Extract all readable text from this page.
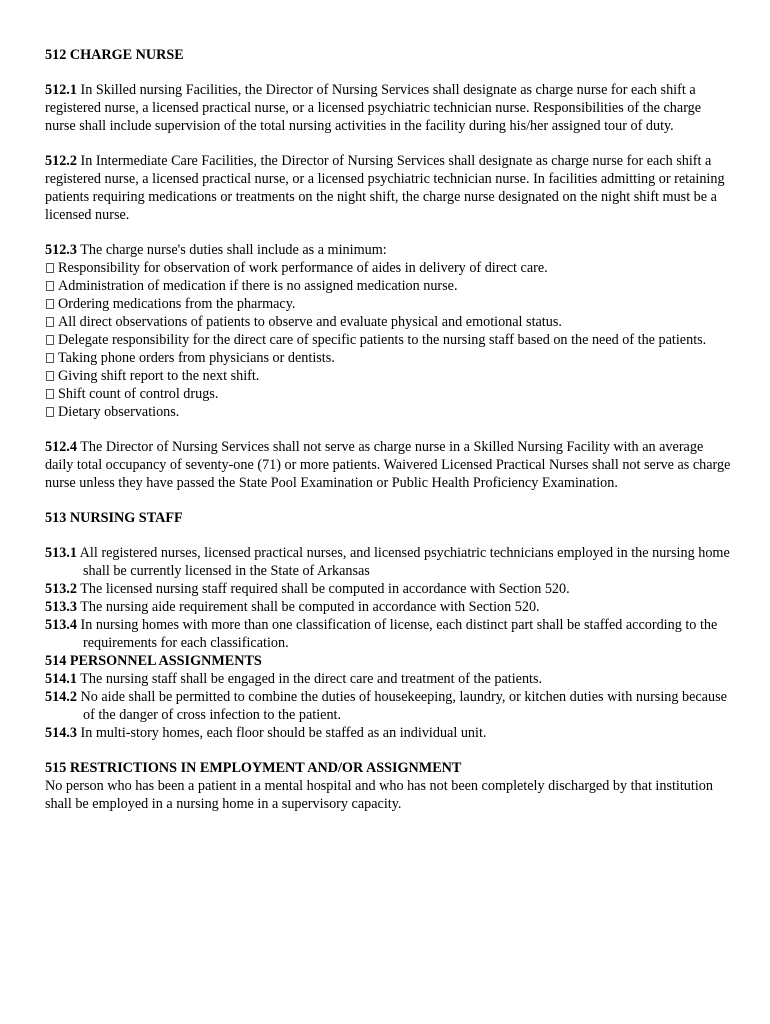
512 CHARGE NURSE

512.1 In Skilled nursing Facilities, the Director of Nursing Services shall designate as charge nurse for each shift a registered nurse, a licensed practical nurse, or a licensed psychiatric technician nurse. Responsibilities of the charge nurse shall include supervision of the total nursing activities in the facility during his/her assigned tour of duty.

512.2 In Intermediate Care Facilities, the Director of Nursing Services shall designate as charge nurse for each shift a registered nurse, a licensed practical nurse, or a licensed psychiatric technician nurse. In facilities admitting or retaining patients requiring medications or treatments on the night shift, the charge nurse designated on the night shift must be a licensed nurse.

512.3 The charge nurse's duties shall include as a minimum:

Responsibility for observation of work performance of aides in delivery of direct care.
Administration of medication if there is no assigned medication nurse.
Ordering medications from the pharmacy.
All direct observations of patients to observe and evaluate physical and emotional status.
Delegate responsibility for the direct care of specific patients to the nursing staff based on the need of the patients.
Taking phone orders from physicians or dentists.
Giving shift report to the next shift.
Shift count of control drugs.
Dietary observations.

512.4 The Director of Nursing Services shall not serve as charge nurse in a Skilled Nursing Facility with an average daily total occupancy of seventy-one (71) or more patients. Waivered Licensed Practical Nurses shall not serve as charge nurse unless they have passed the State Pool Examination or Public Health Proficiency Examination.

513 NURSING STAFF

513.1 All registered nurses, licensed practical nurses, and licensed psychiatric technicians employed in the nursing home shall be currently licensed in the State of Arkansas

513.2 The licensed nursing staff required shall be computed in accordance with Section 520.

513.3 The nursing aide requirement shall be computed in accordance with Section 520.

513.4 In nursing homes with more than one classification of license, each distinct part shall be staffed according to the requirements for each classification.

514 PERSONNEL ASSIGNMENTS

514.1 The nursing staff shall be engaged in the direct care and treatment of the patients.

514.2 No aide shall be permitted to combine the duties of housekeeping, laundry, or kitchen duties with nursing because of the danger of cross infection to the patient.

514.3 In multi-story homes, each floor should be staffed as an individual unit.

515 RESTRICTIONS IN EMPLOYMENT AND/OR ASSIGNMENT

No person who has been a patient in a mental hospital and who has not been completely discharged by that institution shall be employed in a nursing home in a supervisory capacity.
